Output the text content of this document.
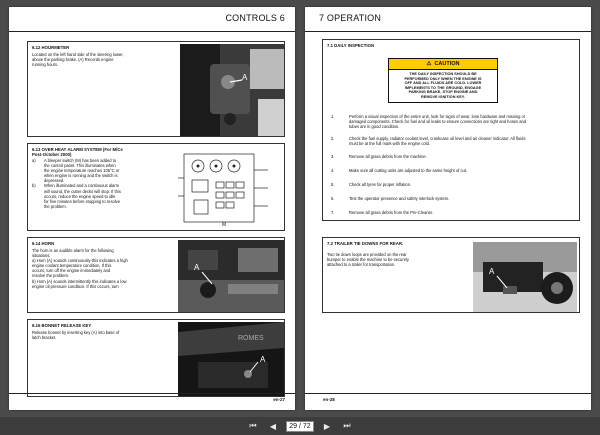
CONTROLS 6
6.12 HOURMETER
Located on the left hand side of the steering lower,
above the parking brake. (A) Records engine
running hours.
A
6.13 OVER HEAT ALARM SYSTEM (For M/Cs
Post-October 2000)
a)	A bleeper switch (M) has been added to
the control panel. This illuminates when
the engine temperature reaches 105°C or
when engine is running and the switch is
depressed.
b)	When illuminated and a continuous alarm
will sound, the cutter decks will stop. If this
occurs, reduce the engine speed to idle
for five minutes before stopping to resolve
the problem.
M
6.14 HORN
The horn is an audible alarm for the following
situations:
a) Horn (A) sounds continuously-this indicates a high
engine coolant temperature condition. If this
occurs, turn off the engine immediately and
resolve the problem.
b) Horn (A) sounds intermittently this indicates a low
engine oil pressure condition. If this occurs, turn
A
6.15 BONNET RELEASE KEY
Release bonnet by inserting key (A) into base of
latch bracket.	ROMES
A
en-27
7 OPERATION
7.1 DAILY INSPECTION
1.	Perform a visual inspection of the entire unit, look for signs of wear, lose hardware and missing or
damaged components. Check for fuel and oil leaks to ensure connections are tight and hoses and
tubes are in good condition.
2.	Check the fuel supply, radiator coolant level, crankcase oil level and air cleaner indicator. All fluids
must be at the full mark with the engine cold.
3.	Remove all grass debris from the machine.
4.	Make sure all cutting units are adjusted to the same height of cut.
5.	Check all tyres for proper inflation.
6.	Test the operator presence and safety interlock system.
7.	Remove all grass debris from the Pre-Cleaner.
7.2 TRAILER TIE DOWNS FOR REAR.
Two tie down loops are provided on the rear
bumper to enable the machine to be securely
attached to a trailer for transportation.
A
en-28
⚠ CAUTION
THE DAILY INSPECTION SHOULD BE
PERFORMED ONLY WHEN THE ENGINE IS
OFF AND ALL FLUIDS ARE COLD. LOWER
IMPLEMENTS TO THE GROUND, ENGAGE
PARKING BRAKE, STOP ENGINE AND
REMOVE IGNITION KEY.
⏮	◀	29 / 72	▶	⏭
